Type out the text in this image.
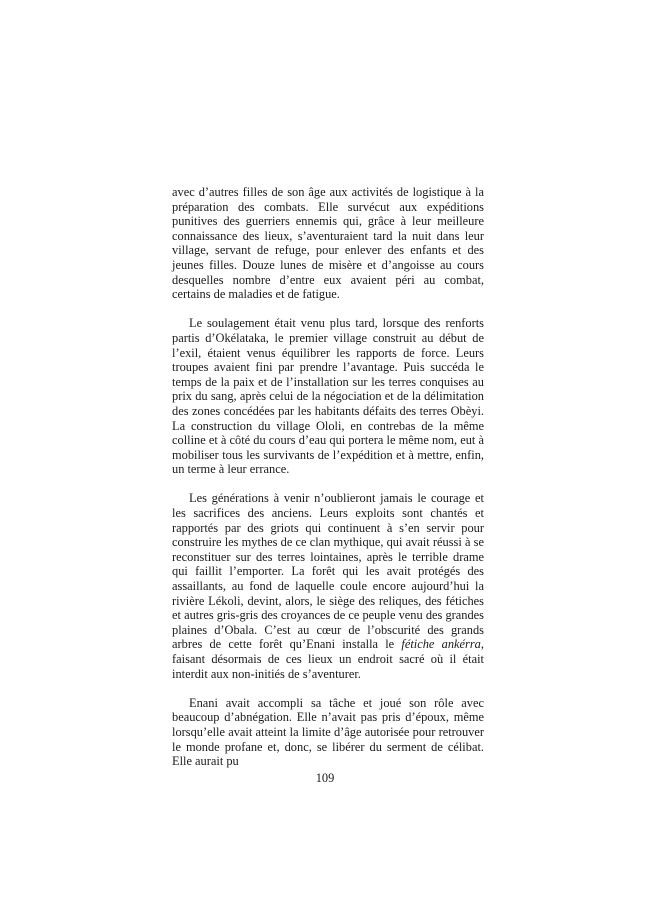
avec d’autres filles de son âge aux activités de logistique à la préparation des combats. Elle survécut aux expéditions punitives des guerriers ennemis qui, grâce à leur meilleure connaissance des lieux, s’aventuraient tard la nuit dans leur village, servant de refuge, pour enlever des enfants et des jeunes filles. Douze lunes de misère et d’angoisse au cours desquelles nombre d’entre eux avaient péri au combat, certains de maladies et de fatigue.

Le soulagement était venu plus tard, lorsque des renforts partis d’Okélataka, le premier village construit au début de l’exil, étaient venus équilibrer les rapports de force. Leurs troupes avaient fini par prendre l’avantage. Puis succéda le temps de la paix et de l’installation sur les terres conquises au prix du sang, après celui de la négociation et de la délimitation des zones concédées par les habitants défaits des terres Obèyi. La construction du village Ololi, en contrebas de la même colline et à côté du cours d’eau qui portera le même nom, eut à mobiliser tous les survivants de l’expédition et à mettre, enfin, un terme à leur errance.

Les générations à venir n’oublieront jamais le courage et les sacrifices des anciens. Leurs exploits sont chantés et rapportés par des griots qui continuent à s’en servir pour construire les mythes de ce clan mythique, qui avait réussi à se reconstituer sur des terres lointaines, après le terrible drame qui faillit l’emporter. La forêt qui les avait protégés des assaillants, au fond de laquelle coule encore aujourd’hui la rivière Lékoli, devint, alors, le siège des reliques, des fétiches et autres gris-gris des croyances de ce peuple venu des grandes plaines d’Obala. C’est au cœur de l’obscurité des grands arbres de cette forêt qu’Enani installa le fétiche ankérra, faisant désormais de ces lieux un endroit sacré où il était interdit aux non-initiés de s’aventurer.

Enani avait accompli sa tâche et joué son rôle avec beaucoup d’abnégation. Elle n’avait pas pris d’époux, même lorsqu’elle avait atteint la limite d’âge autorisée pour retrouver le monde profane et, donc, se libérer du serment de célibat. Elle aurait pu

109
